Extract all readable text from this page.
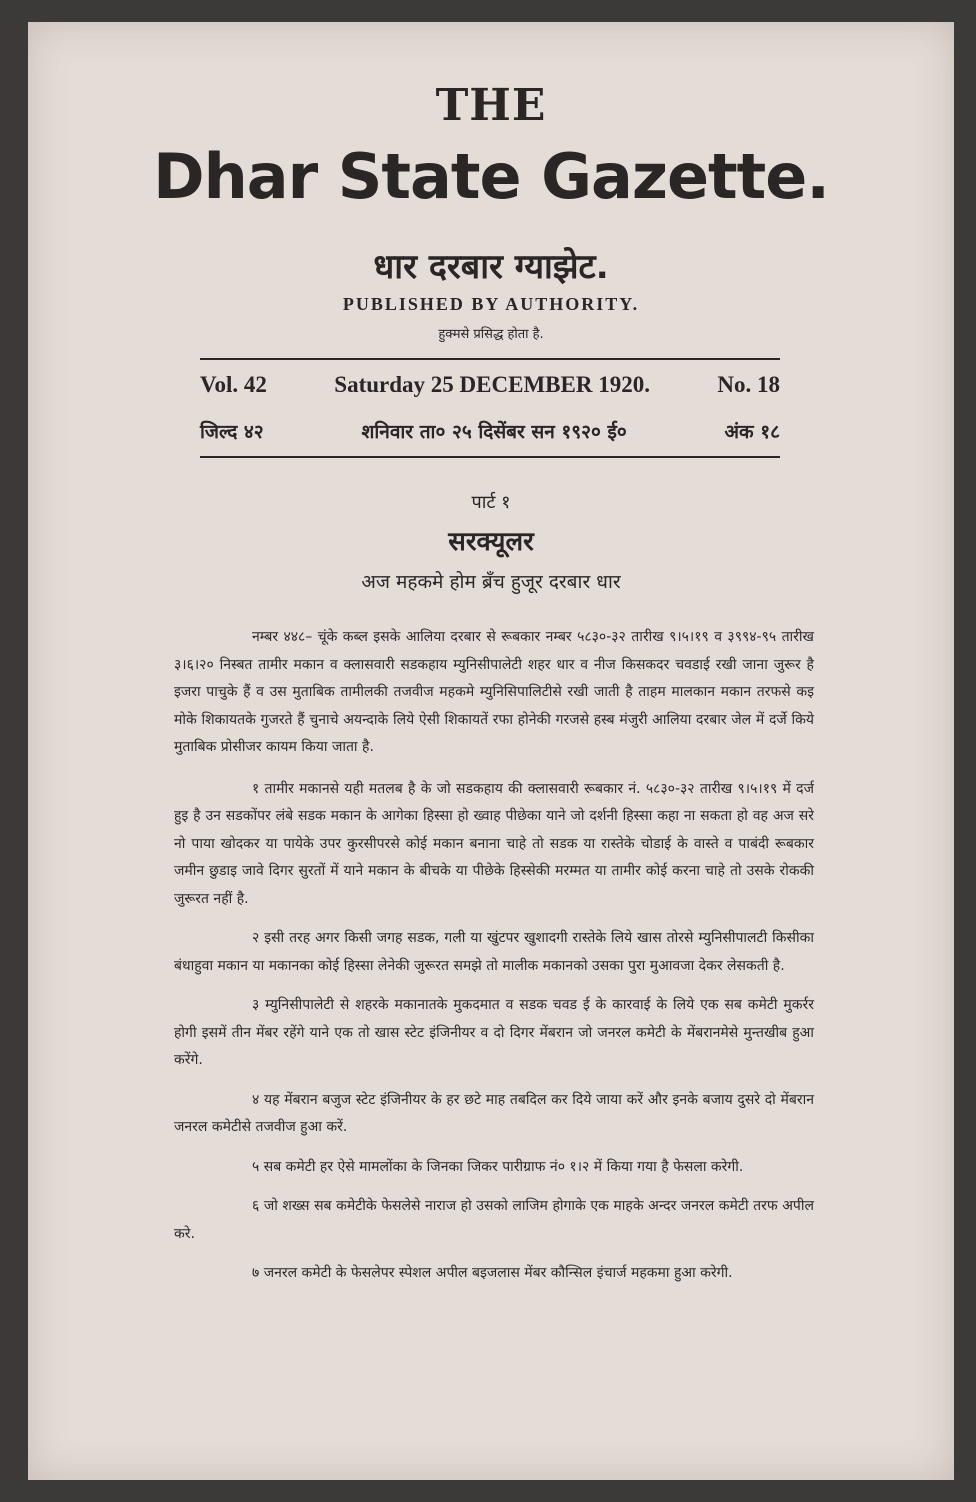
THE
Dhar State Gazette.
धार दरबार ग्याझेट.
PUBLISHED BY AUTHORITY.
हुक्मसे प्रसिद्ध होता है.
Vol. 42	Saturday 25 DECEMBER 1920.	No. 18
जिल्द ४२	शनिवार ता० २५ दिसेंबर सन १९२० ई०	अंक १८
पार्ट १
सरक्यूलर
अज महकमे होम ब्रँच हुजूर दरबार धार

नम्बर ४४८– चूंके कब्ल इसके आलिया दरबार से रूबकार नम्बर ५८३०-३२ तारीख ९।५।१९ व ३९९४-९५ तारीख ३।६।२० निस्बत तामीर मकान व क्लासवारी सडकहाय म्युनिसीपालेटी शहर धार व नीज किसकदर चवडाई रखी जाना जुरूर है इजरा पाचुके हैं व उस मुताबिक तामीलकी तजवीज महकमे म्युनिसिपालिटीसे रखी जाती है ताहम मालकान मकान तरफसे कइ मोके शिकायतके गुजरते हैं चुनाचे अयन्दाके लिये ऐसी शिकायतें रफा होनेकी गरजसे हस्ब मंजुरी आलिया दरबार जेल में दर्जे किये मुताबिक प्रोसीजर कायम किया जाता है.

१ तामीर मकानसे यही मतलब है के जो सडकहाय की क्लासवारी रूबकार नं. ५८३०-३२ तारीख ९।५।१९ में दर्ज हुइ है उन सडकोंपर लंबे सडक मकान के आगेका हिस्सा हो ख्वाह पीछेका याने जो दर्शनी हिस्सा कहा ना सकता हो वह अज सरे नो पाया खोदकर या पायेके उपर कुरसीपरसे कोई मकान बनाना चाहे तो सडक या रास्तेके चोडाई के वास्ते व पाबंदी रूबकार जमीन छुडाइ जावे दिगर सुरतों में याने मकान के बीचके या पीछेके हिस्सेकी मरम्मत या तामीर कोई करना चाहे तो उसके रोककी जुरूरत नहीं है.

२ इसी तरह अगर किसी जगह सडक, गली या खुंटपर खुशादगी रास्तेके लिये खास तोरसे म्युनिसीपालटी किसीका बंधाहुवा मकान या मकानका कोई हिस्सा लेनेकी जुरूरत समझे तो मालीक मकानको उसका पुरा मुआवजा देकर लेसकती है.

३ म्युनिसीपालेटी से शहरके मकानातके मुकदमात व सडक चवड ई के कारवाई के लिये एक सब कमेटी मुकर्रर होगी इसमें तीन मेंबर रहेंगे याने एक तो खास स्टेट इंजिनीयर व दो दिगर मेंबरान जो जनरल कमेटी के मेंबरानमेसे मुन्तखीब हुआ करेंगे.

४ यह मेंबरान बजुज स्टेट इंजिनीयर के हर छटे माह तबदिल कर दिये जाया करें और इनके बजाय दुसरे दो मेंबरान जनरल कमेटीसे तजवीज हुआ करें.

५ सब कमेटी हर ऐसे मामलोंका के जिनका जिकर पारीग्राफ नं० १।२ में किया गया है फेसला करेगी.

६ जो शख्स सब कमेटीके फेसलेसे नाराज हो उसको लाजिम होगाके एक माहके अन्दर जनरल कमेटी तरफ अपील करे.

७ जनरल कमेटी के फेसलेपर स्पेशल अपील बइजलास मेंबर कौन्सिल इंचार्ज महकमा हुआ करेगी.
